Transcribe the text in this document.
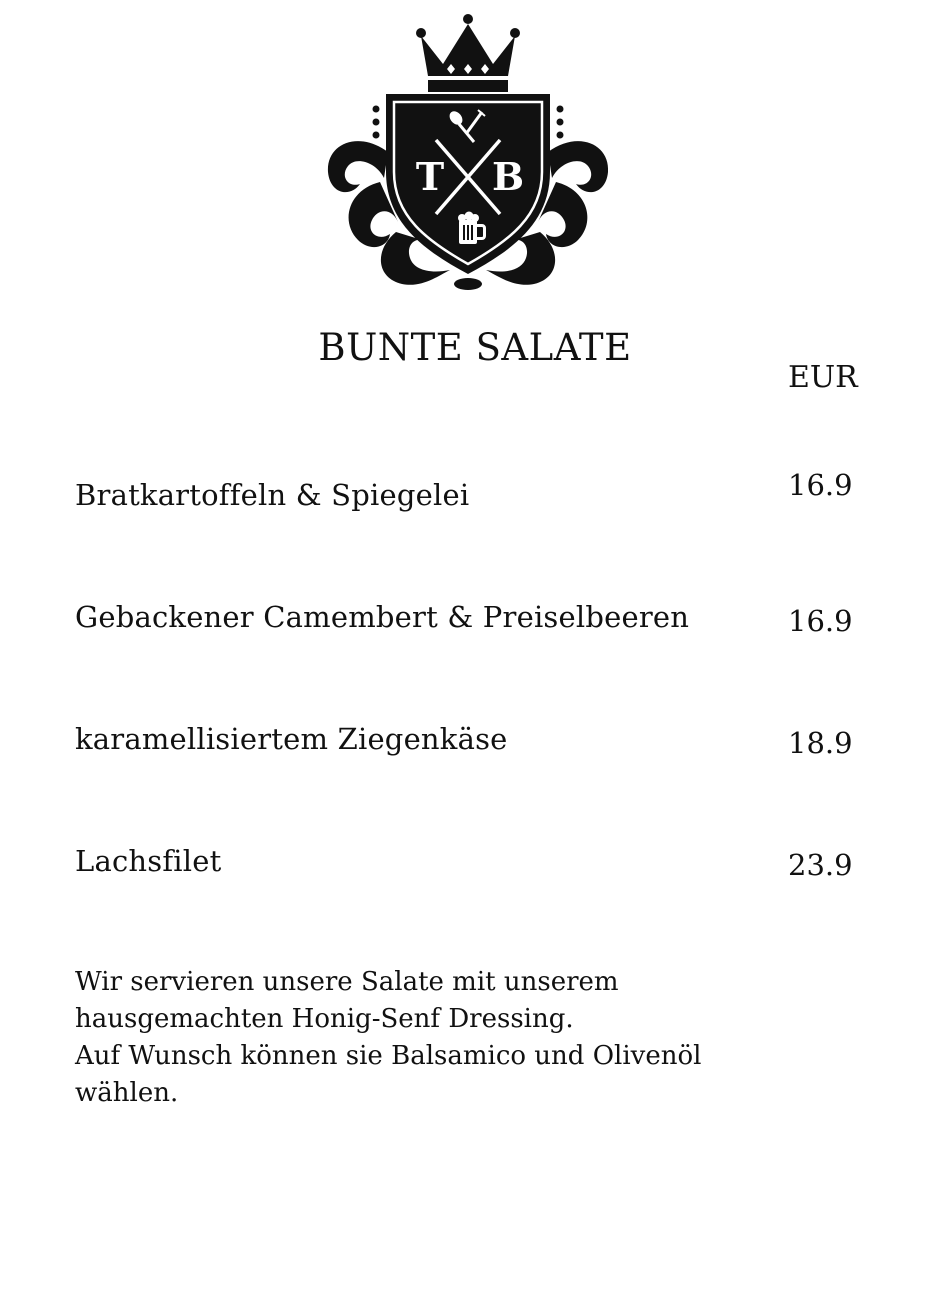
T B
BUNTE SALATE
EUR
Bratkartoffeln & Spiegelei	16.9
Gebackener Camembert & Preiselbeeren	16.9
karamellisiertem Ziegenkäse	18.9
Lachsfilet	23.9
Wir servieren unsere Salate mit unserem
hausgemachten Honig-Senf Dressing.
Auf Wunsch können sie Balsamico und Olivenöl
wählen.
